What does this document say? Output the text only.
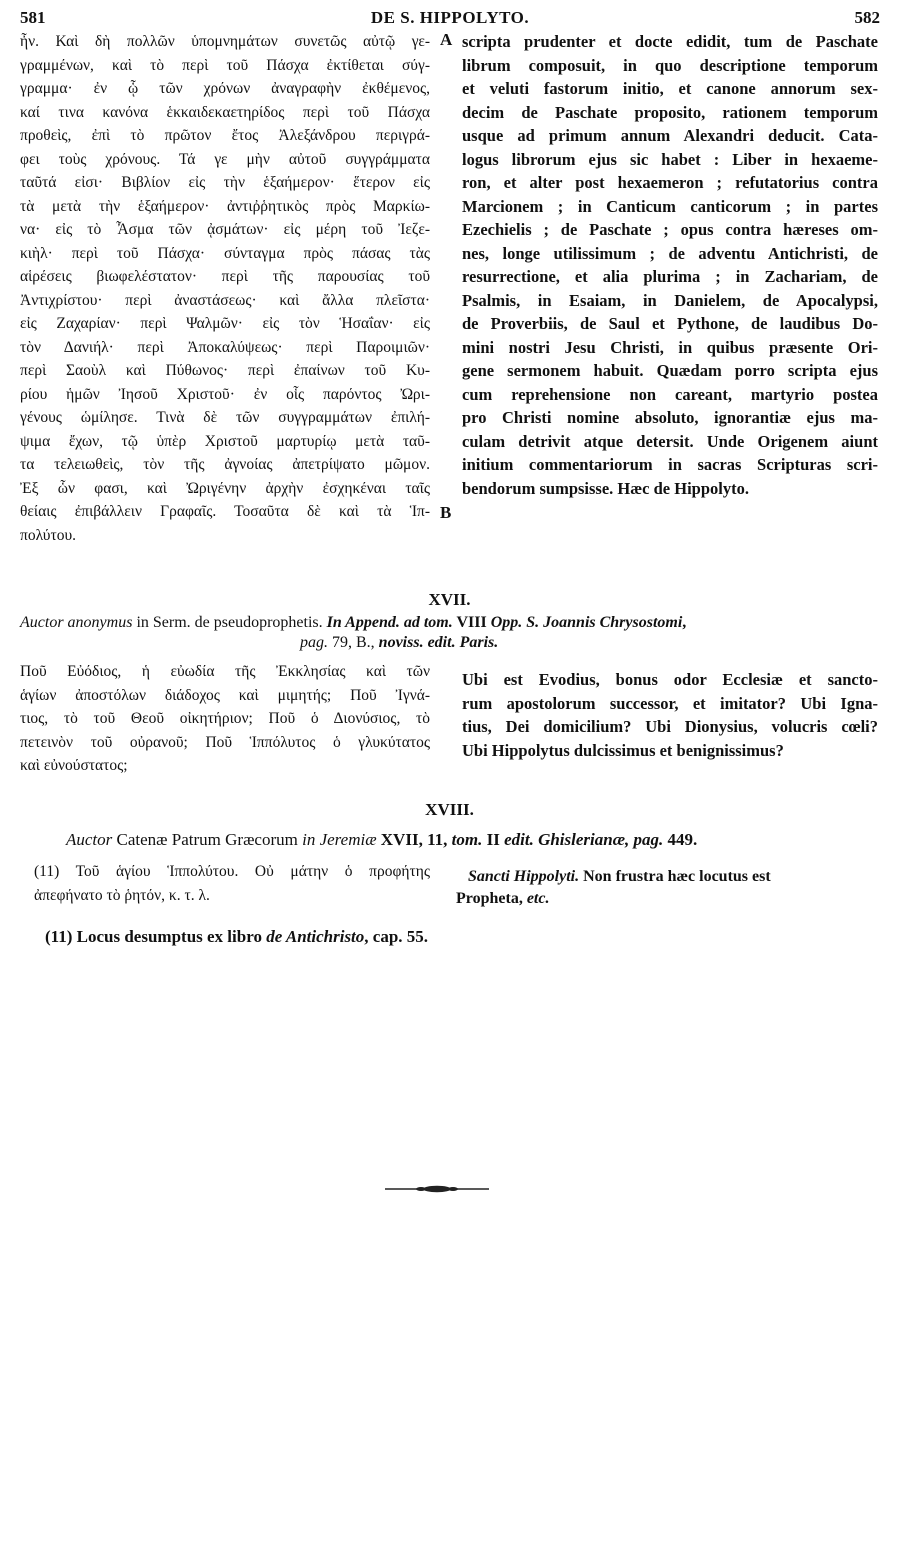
581	DE S. HIPPOLYTO.	582
ἦν. Καὶ δὴ πολλῶν ὑπομνημάτων συνετῶς αὐτῷ γε-
γραμμένων, καὶ τὸ περὶ τοῦ Πάσχα ἐκτίθεται σύγ-
γραμμα· ἐν ᾧ τῶν χρόνων ἀναγραφὴν ἐκθέμενος,
καί τινα κανόνα ἑκκαιδεκαετηρίδος περὶ τοῦ Πάσχα
προθεὶς, ἐπὶ τὸ πρῶτον ἔτος Ἀλεξάνδρου περιγρά-
φει τοὺς χρόνους. Τά γε μὴν αὐτοῦ συγγράμματα
ταῦτά εἰσι· Βιβλίον εἰς τὴν ἑξαήμερον· ἕτερον εἰς
τὰ μετὰ τὴν ἑξαήμερον· ἀντιῤῥητικὸς πρὸς Μαρκίω-
να· εἰς τὸ Ἆσμα τῶν ᾀσμάτων· εἰς μέρη τοῦ Ἰεζε-
κιὴλ· περὶ τοῦ Πάσχα· σύνταγμα πρὸς πάσας τὰς
αἱρέσεις βιωφελέστατον· περὶ τῆς παρουσίας τοῦ
Ἀντιχρίστου· περὶ ἀναστάσεως· καὶ ἄλλα πλεῖστα·
εἰς Ζαχαρίαν· περὶ Ψαλμῶν· εἰς τὸν Ἡσαΐαν· εἰς
τὸν Δανιήλ· περὶ Ἀποκαλύψεως· περὶ Παροιμιῶν·
περὶ Σαοὺλ καὶ Πύθωνος· περὶ ἐπαίνων τοῦ Κυ-
ρίου ἡμῶν Ἰησοῦ Χριστοῦ· ἐν οἷς παρόντος Ὠρι-
γένους ὡμίλησε. Τινὰ δὲ τῶν συγγραμμάτων ἐπιλή-
ψιμα ἔχων, τῷ ὑπὲρ Χριστοῦ μαρτυρίῳ μετὰ ταῦ-
τα τελειωθεὶς, τὸν τῆς ἀγνοίας ἀπετρίψατο μῶμον.
Ἐξ ὧν φασι, καὶ Ὠριγένην ἀρχὴν ἐσχηκέναι ταῖς
θείαις ἐπιβάλλειν Γραφαῖς. Τοσαῦτα δὲ καὶ τὰ Ἱπ-
πολύτου.
A
B
scripta prudenter et docte edidit, tum de Paschate
librum composuit, in quo descriptione temporum
et veluti fastorum initio, et canone annorum sex-
decim de Paschate proposito, rationem temporum
usque ad primum annum Alexandri deducit. Cata-
logus librorum ejus sic habet : Liber in hexaeme-
ron, et alter post hexaemeron ; refutatorius contra
Marcionem ; in Canticum canticorum ; in partes
Ezechielis ; de Paschate ; opus contra hæreses om-
nes, longe utilissimum ; de adventu Antichristi, de
resurrectione, et alia plurima ; in Zachariam, de
Psalmis, in Esaiam, in Danielem, de Apocalypsi,
de Proverbiis, de Saul et Pythone, de laudibus Do-
mini nostri Jesu Christi, in quibus præsente Ori-
gene sermonem habuit. Quædam porro scripta ejus
cum reprehensione non careant, martyrio postea
pro Christi nomine absoluto, ignorantiæ ejus ma-
culam detrivit atque detersit. Unde Origenem aiunt
initium commentariorum in sacras Scripturas scri-
bendorum sumpsisse. Hæc de Hippolyto.
XVII.
Auctor anonymus in Serm. de pseudoprophetis. In Append. ad tom. VIII Opp. S. Joannis Chrysostomi,
pag. 79, B., noviss. edit. Paris.
Ποῦ Εὐόδιος, ἡ εὐωδία τῆς Ἐκκλησίας καὶ τῶν
ἁγίων ἀποστόλων διάδοχος καὶ μιμητής; Ποῦ Ἰγνά-
τιος, τὸ τοῦ Θεοῦ οἰκητήριον; Ποῦ ὁ Διονύσιος, τὸ
πετεινὸν τοῦ οὐρανοῦ; Ποῦ Ἱππόλυτος ὁ γλυκύτατος
καὶ εὐνούστατος;
Ubi est Evodius, bonus odor Ecclesiæ et sancto-
rum apostolorum successor, et imitator? Ubi Igna-
tius, Dei domicilium? Ubi Dionysius, volucris cœli?
Ubi Hippolytus dulcissimus et benignissimus?
XVIII.
Auctor Catenæ Patrum Græcorum in Jeremiæ XVII, 11, tom. II edit. Ghislerianæ, pag. 449.
(11) Τοῦ ἁγίου Ἱππολύτου. Οὐ μάτην ὁ προφήτης
ἀπεφήνατο τὸ ῥητόν, κ. τ. λ.
Sancti Hippolyti. Non frustra hæc locutus est
Propheta, etc.
(11) Locus desumptus ex libro de Antichristo, cap. 55.
